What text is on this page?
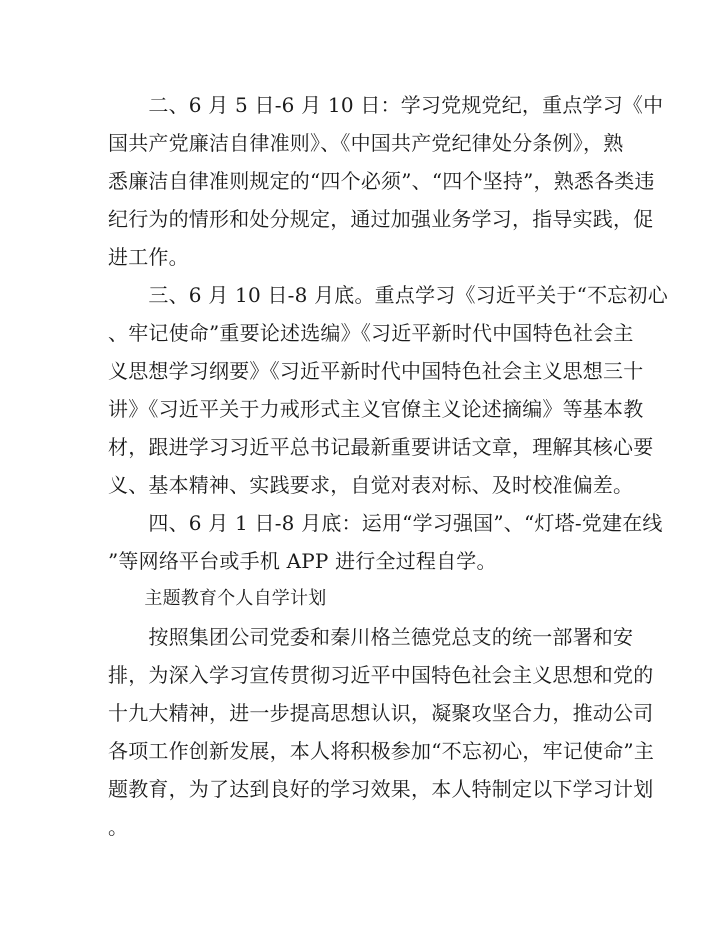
　　二、6 月 5 日-6 月 10 日：学习党规党纪，重点学习《中
国共产党廉洁自律准则》、《中国共产党纪律处分条例》，熟
悉廉洁自律准则规定的“四个必须”、“四个坚持”，熟悉各类违
纪行为的情形和处分规定，通过加强业务学习，指导实践，促
进工作。
　　三、6 月 10 日-8 月底。重点学习《习近平关于“不忘初心
、牢记使命”重要论述选编》《习近平新时代中国特色社会主
义思想学习纲要》《习近平新时代中国特色社会主义思想三十
讲》《习近平关于力戒形式主义官僚主义论述摘编》等基本教
材，跟进学习习近平总书记最新重要讲话文章，理解其核心要
义、基本精神、实践要求，自觉对表对标、及时校准偏差。
　　四、6 月 1 日-8 月底：运用“学习强国”、“灯塔-党建在线
”等网络平台或手机 APP 进行全过程自学。
　　主题教育个人自学计划
　　按照集团公司党委和秦川格兰德党总支的统一部署和安
排，为深入学习宣传贯彻习近平中国特色社会主义思想和党的
十九大精神，进一步提高思想认识，凝聚攻坚合力，推动公司
各项工作创新发展，本人将积极参加“不忘初心，牢记使命”主
题教育，为了达到良好的学习效果，本人特制定以下学习计划
。
